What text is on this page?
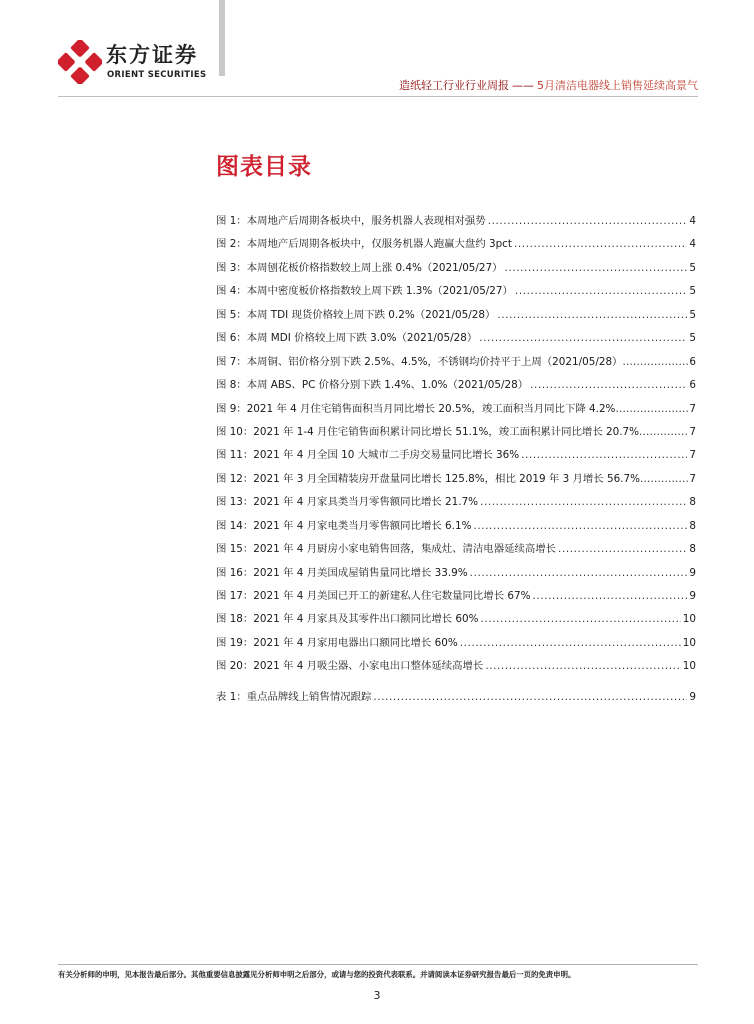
东方证券
ORIENT SECURITIES
造纸轻工行业行业周报 —— 5月清洁电器线上销售延续高景气
图表目录
图 1：本周地产后周期各板块中，服务机器人表现相对强势 .....	4
图 2：本周地产后周期各板块中，仅服务机器人跑赢大盘约 3pct .....	4
图 3：本周刨花板价格指数较上周上涨 0.4%（2021/05/27） .....	5
图 4：本周中密度板价格指数较上周下跌 1.3%（2021/05/27） .....	5
图 5：本周 TDI 现货价格较上周下跌 0.2%（2021/05/28） .....	5
图 6：本周 MDI 价格较上周下跌 3.0%（2021/05/28） .....	5
图 7：本周铜、铝价格分别下跌 2.5%、4.5%，不锈钢均价持平于上周（2021/05/28） .....	6
图 8：本周 ABS、PC 价格分别下跌 1.4%、1.0%（2021/05/28） .....	6
图 9：2021 年 4 月住宅销售面积当月同比增长 20.5%，竣工面积当月同比下降 4.2% .....	7
图 10：2021 年 1-4 月住宅销售面积累计同比增长 51.1%，竣工面积累计同比增长 20.7% .....	7
图 11：2021 年 4 月全国 10 大城市二手房交易量同比增长 36% .....	7
图 12：2021 年 3 月全国精装房开盘量同比增长 125.8%，相比 2019 年 3 月增长 56.7% .....	7
图 13：2021 年 4 月家具类当月零售额同比增长 21.7% .....	8
图 14：2021 年 4 月家电类当月零售额同比增长 6.1% .....	8
图 15：2021 年 4 月厨房小家电销售回落，集成灶、清洁电器延续高增长 .....	8
图 16：2021 年 4 月美国成屋销售量同比增长 33.9% .....	9
图 17：2021 年 4 月美国已开工的新建私人住宅数量同比增长 67% .....	9
图 18：2021 年 4 月家具及其零件出口额同比增长 60% .....	10
图 19：2021 年 4 月家用电器出口额同比增长 60% .....	10
图 20：2021 年 4 月吸尘器、小家电出口整体延续高增长 .....	10
表 1：重点品牌线上销售情况跟踪 .....	9
有关分析师的申明，见本报告最后部分。其他重要信息披露见分析师申明之后部分，或请与您的投资代表联系。并请阅读本证券研究报告最后一页的免责申明。
3
